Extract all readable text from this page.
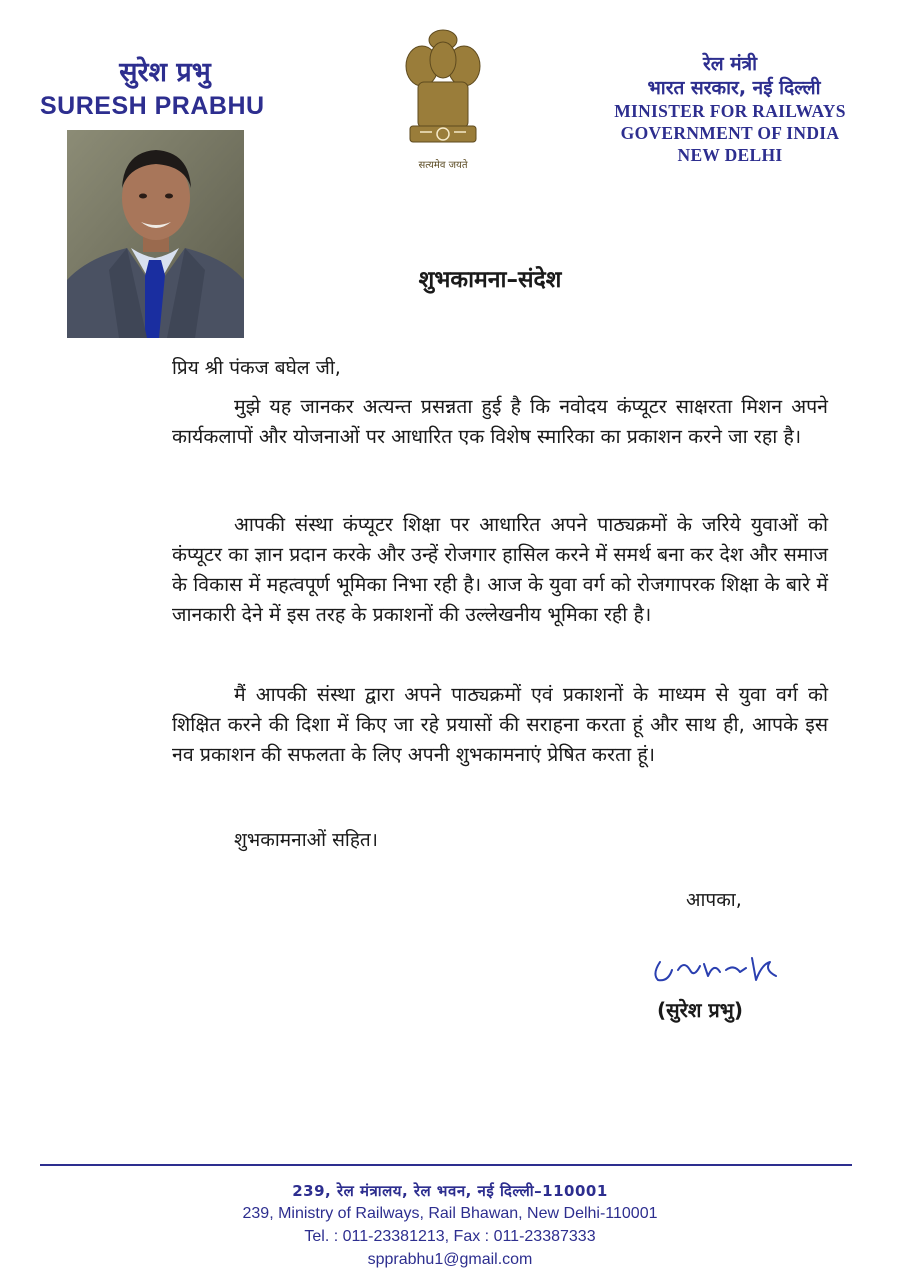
सुरेश प्रभु
SURESH PRABHU
सत्यमेव जयते
रेल मंत्री
भारत सरकार, नई दिल्ली
MINISTER FOR RAILWAYS
GOVERNMENT OF INDIA
NEW DELHI
शुभकामना–संदेश
प्रिय श्री पंकज बघेल जी,

मुझे यह जानकर अत्यन्त प्रसन्नता हुई है कि नवोदय कंप्यूटर साक्षरता मिशन अपने कार्यकलापों और योजनाओं पर आधारित एक विशेष स्मारिका का प्रकाशन करने जा रहा है।

आपकी संस्था कंप्यूटर शिक्षा पर आधारित अपने पाठ्यक्रमों के जरिये युवाओं को कंप्यूटर का ज्ञान प्रदान करके और उन्हें रोजगार हासिल करने में समर्थ बना कर देश और समाज के विकास में महत्वपूर्ण भूमिका निभा रही है। आज के युवा वर्ग को रोजगापरक शिक्षा के बारे में जानकारी देने में इस तरह के प्रकाशनों की उल्लेखनीय भूमिका रही है।

मैं आपकी संस्था द्वारा अपने पाठ्यक्रमों एवं प्रकाशनों के माध्यम से युवा वर्ग को शिक्षित करने की दिशा में किए जा रहे प्रयासों की सराहना करता हूं और साथ ही, आपके इस नव प्रकाशन की सफलता के लिए अपनी शुभकामनाएं प्रेषित करता हूं।

शुभकामनाओं सहित।
आपका,
(सुरेश प्रभु)
239, रेल मंत्रालय, रेल भवन, नई दिल्ली–110001
239, Ministry of Railways, Rail Bhawan, New Delhi-110001
Tel. : 011-23381213, Fax : 011-23387333
spprabhu1@gmail.com
